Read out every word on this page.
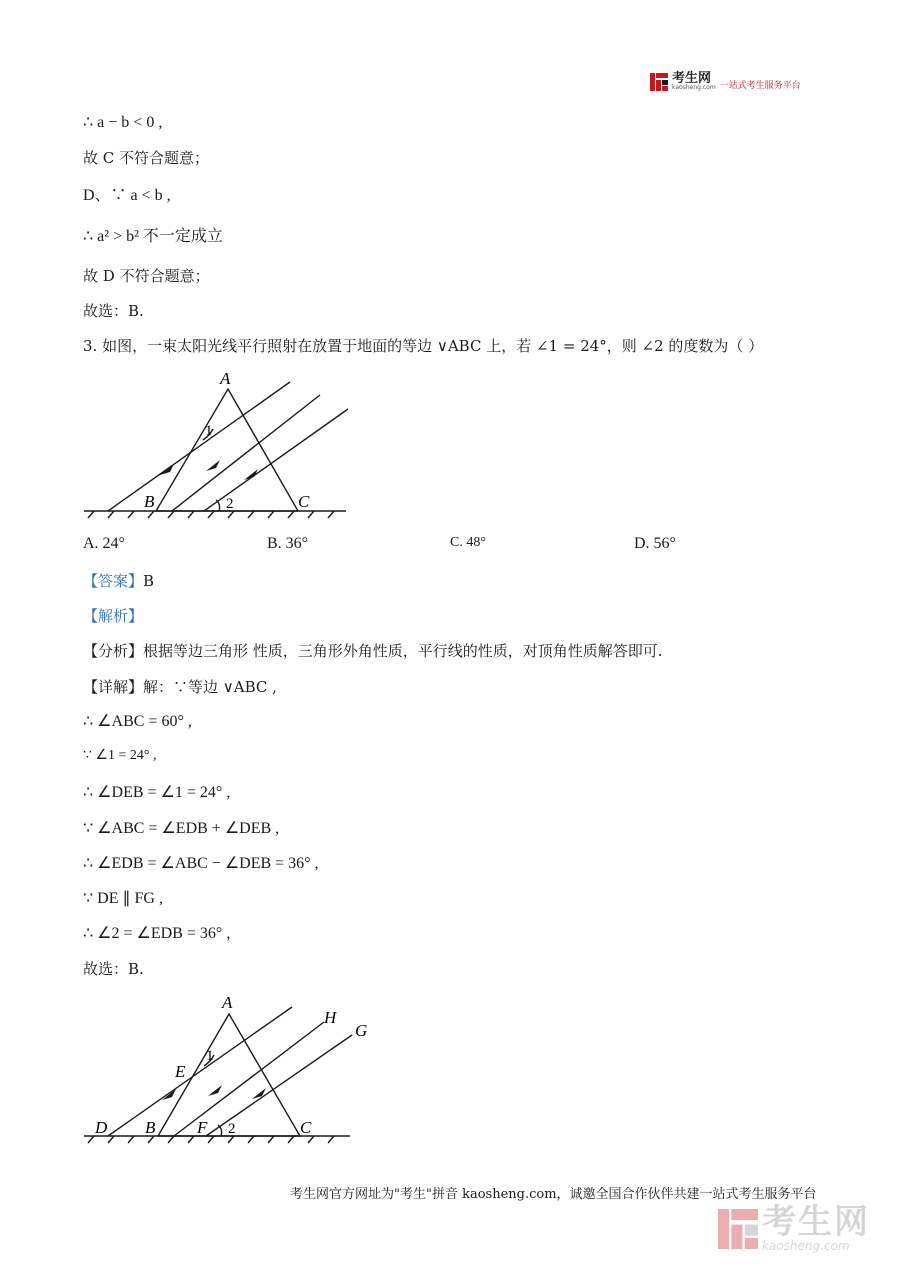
考生网
kaosheng.com 一站式考生服务平台
∴ a − b < 0 ,
故 C 不符合题意；
D、∵ a < b ,
∴ a² > b² 不一定成立
故 D 不符合题意；
故选：B.
3. 如图，一束太阳光线平行照射在放置于地面的等边 ∨ABC 上，若 ∠1 = 24°，则 ∠2 的度数为（ ）
A
B	C
1
2
A. 24°	B. 36°	C. 48°	D. 56°
【答案】B
【解析】
【分析】根据等边三角形 性质，三角形外角性质，平行线的性质，对顶角性质解答即可.
【详解】解：∵等边 ∨ABC ,
∴ ∠ABC = 60° ,
∵ ∠1 = 24° ,
∴ ∠DEB = ∠1 = 24° ,
∵ ∠ABC = ∠EDB + ∠DEB ,
∴ ∠EDB = ∠ABC − ∠DEB = 36° ,
∵ DE ∥ FG ,
∴ ∠2 = ∠EDB = 36° ,
故选：B.
A
B	C
D
E
F
H
G
1
2
考生网官方网址为"考生"拼音 kaosheng.com，诚邀全国合作伙伴共建一站式考生服务平台
考生网
kaosheng.com
